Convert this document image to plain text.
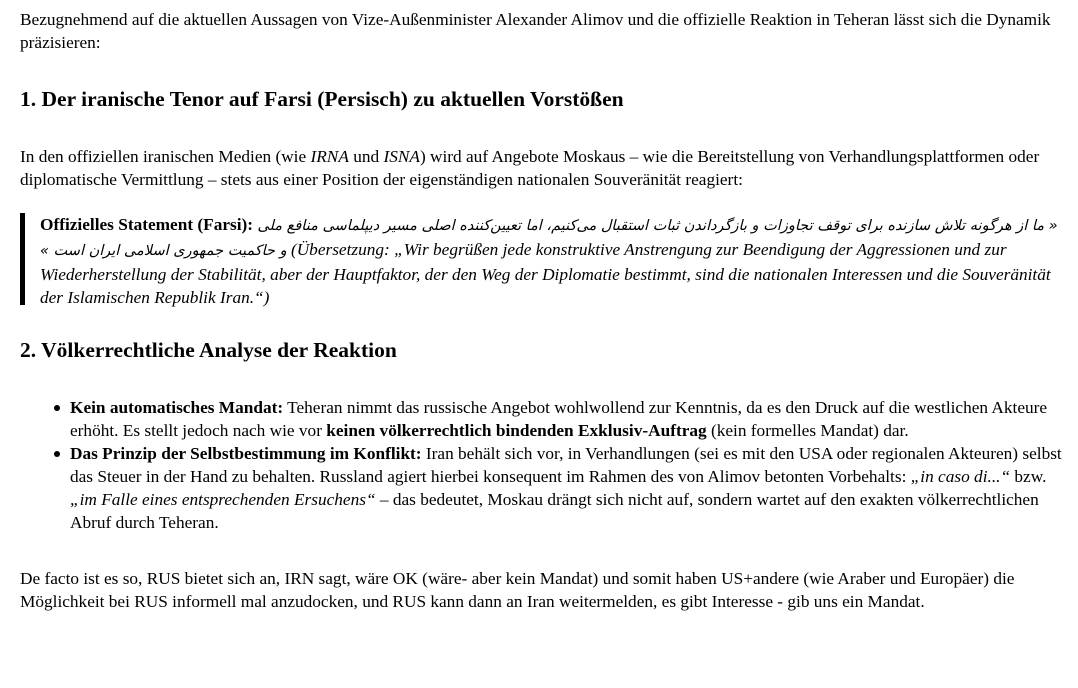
Bezugnehmend auf die aktuellen Aussagen von Vize-Außenminister Alexander Alimov und die offizielle Reaktion in Teheran lässt sich die Dynamik präzisieren:

1. Der iranische Tenor auf Farsi (Persisch) zu aktuellen Vorstößen

In den offiziellen iranischen Medien (wie IRNA und ISNA) wird auf Angebote Moskaus – wie die Bereitstellung von Verhandlungsplattformen oder diplomatische Vermittlung – stets aus einer Position der eigenständigen nationalen Souveränität reagiert:

Offizielles Statement (Farsi): « ما از هرگونه تلاش سازنده برای توقف تجاوزات و بازگرداندن ثبات استقبال می‌کنیم، اما تعیین‌کننده اصلی مسیر دیپلماسی منافع ملی و حاکمیت جمهوری اسلامی ایران است » (Übersetzung: „Wir begrüßen jede konstruktive Anstrengung zur Beendigung der Aggressionen und zur Wiederherstellung der Stabilität, aber der Hauptfaktor, der den Weg der Diplomatie bestimmt, sind die nationalen Interessen und die Souveränität der Islamischen Republik Iran.“)
2. Völkerrechtliche Analyse der Reaktion
Kein automatisches Mandat: Teheran nimmt das russische Angebot wohlwollend zur Kenntnis, da es den Druck auf die westlichen Akteure erhöht. Es stellt jedoch nach wie vor keinen völkerrechtlich bindenden Exklusiv-Auftrag (kein formelles Mandat) dar.
Das Prinzip der Selbstbestimmung im Konflikt: Iran behält sich vor, in Verhandlungen (sei es mit den USA oder regionalen Akteuren) selbst das Steuer in der Hand zu behalten. Russland agiert hierbei konsequent im Rahmen des von Alimov betonten Vorbehalts: „in caso di...“ bzw. „im Falle eines entsprechenden Ersuchens“ – das bedeutet, Moskau drängt sich nicht auf, sondern wartet auf den exakten völkerrechtlichen Abruf durch Teheran.

De facto ist es so, RUS bietet sich an, IRN sagt, wäre OK (wäre- aber kein Mandat) und somit haben US+andere (wie Araber und Europäer) die Möglichkeit bei RUS informell mal anzudocken, und RUS kann dann an Iran weitermelden, es gibt Interesse - gib uns ein Mandat.
